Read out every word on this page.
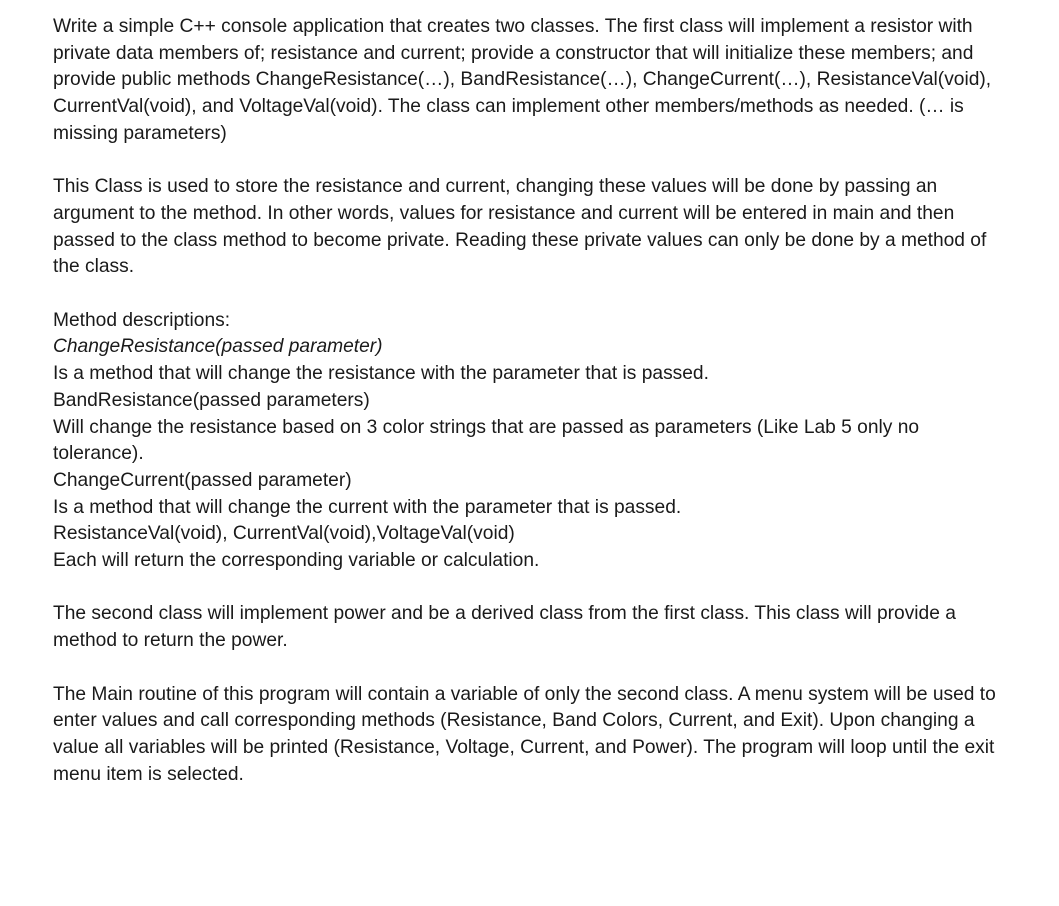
Write a simple C++ console application that creates two classes. The first class will implement a resistor with private data members of; resistance and current; provide a constructor that will initialize these members; and provide public methods ChangeResistance(…), BandResistance(…), ChangeCurrent(…), ResistanceVal(void), CurrentVal(void), and VoltageVal(void). The class can implement other members/methods as needed. (… is missing parameters)

This Class is used to store the resistance and current, changing these values will be done by passing an argument to the method. In other words, values for resistance and current will be entered in main and then passed to the class method to become private. Reading these private values can only be done by a method of the class.

Method descriptions:
ChangeResistance(passed parameter)
Is a method that will change the resistance with the parameter that is passed.
BandResistance(passed parameters)
Will change the resistance based on 3 color strings that are passed as parameters (Like Lab 5 only no tolerance).
ChangeCurrent(passed parameter)
Is a method that will change the current with the parameter that is passed.
ResistanceVal(void), CurrentVal(void),VoltageVal(void)
Each will return the corresponding variable or calculation.

The second class will implement power and be a derived class from the first class. This class will provide a method to return the power.

The Main routine of this program will contain a variable of only the second class. A menu system will be used to enter values and call corresponding methods (Resistance, Band Colors, Current, and Exit). Upon changing a value all variables will be printed (Resistance, Voltage, Current, and Power). The program will loop until the exit menu item is selected.
